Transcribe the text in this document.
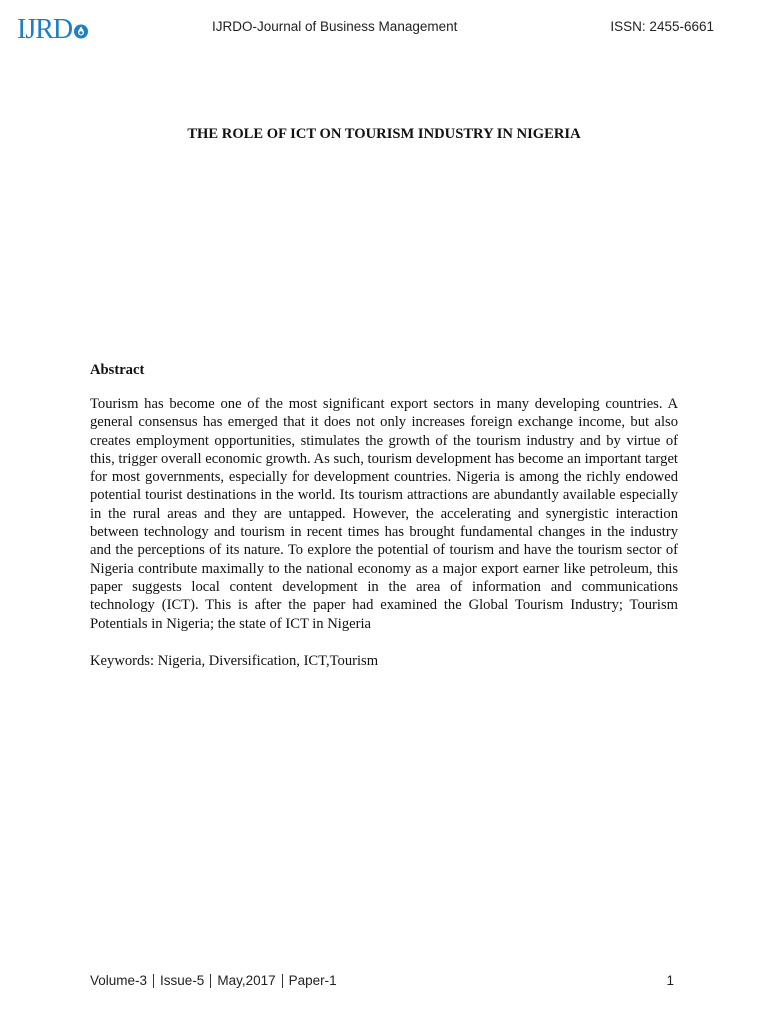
IJRD	IJRDO-Journal of Business Management	ISSN: 2455-6661
THE ROLE OF ICT ON TOURISM INDUSTRY IN NIGERIA
Abstract

Tourism has become one of the most significant export sectors in many developing countries. A general consensus has emerged that it does not only increases foreign exchange income, but also creates employment opportunities, stimulates the growth of the tourism industry and by virtue of this, trigger overall economic growth. As such, tourism development has become an important target for most governments, especially for development countries. Nigeria is among the richly endowed potential tourist destinations in the world. Its tourism attractions are abundantly available especially in the rural areas and they are untapped. However, the accelerating and synergistic interaction between technology and tourism in recent times has brought fundamental changes in the industry and the perceptions of its nature. To explore the potential of tourism and have the tourism sector of Nigeria contribute maximally to the national economy as a major export earner like petroleum, this paper suggests local content development in the area of information and communications technology (ICT). This is after the paper had examined the Global Tourism Industry; Tourism Potentials in Nigeria; the state of ICT in Nigeria

Keywords: Nigeria, Diversification, ICT,Tourism
Volume-3 Issue-5 May,2017 Paper-1	1
